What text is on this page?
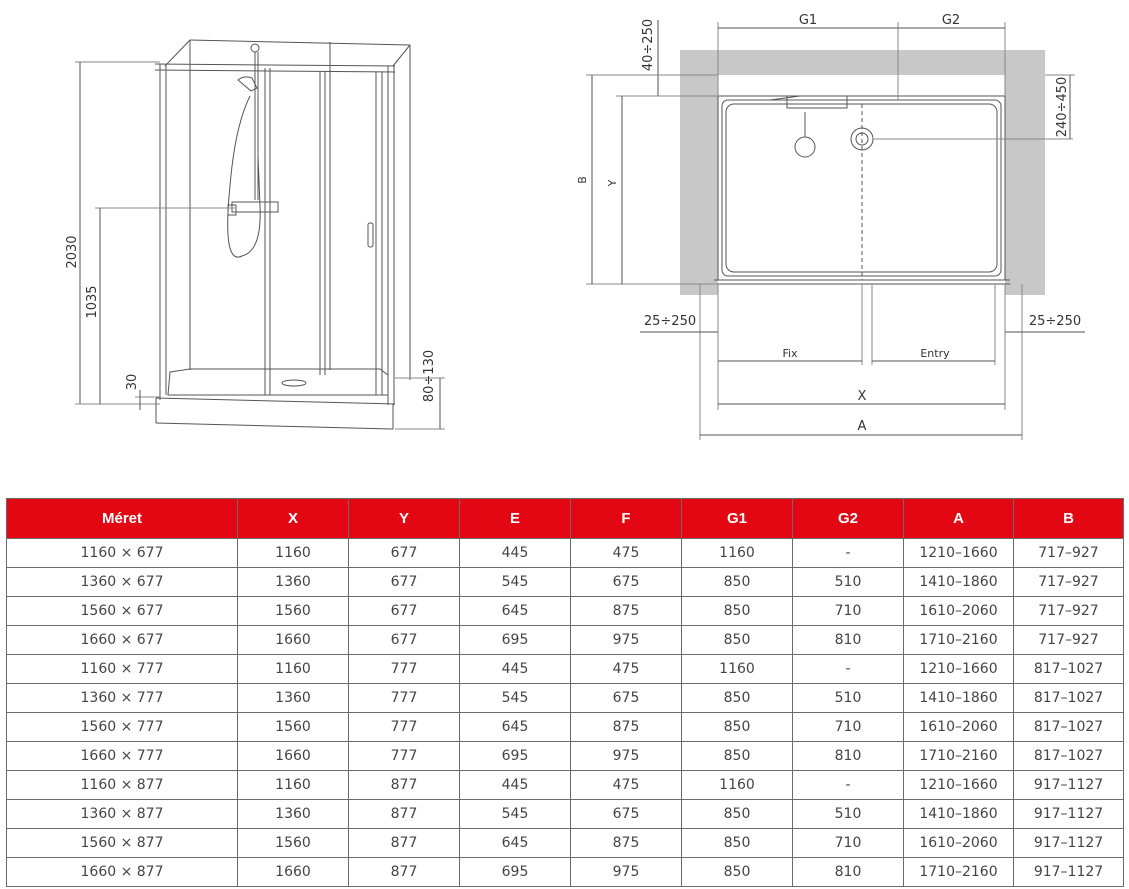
2030
1035
30	80÷130
G1	G2
40÷250
240÷450
B Y
25÷250	25÷250
Fix	Entry
X
A
Méret	X	Y	E	F	G1	G2	A	B
1160 × 677	1160	677	445	475	1160	-	1210–1660	717–927
1360 × 677	1360	677	545	675	850	510	1410–1860	717–927
1560 × 677	1560	677	645	875	850	710	1610–2060	717–927
1660 × 677	1660	677	695	975	850	810	1710–2160	717–927
1160 × 777	1160	777	445	475	1160	-	1210–1660	817–1027
1360 × 777	1360	777	545	675	850	510	1410–1860	817–1027
1560 × 777	1560	777	645	875	850	710	1610–2060	817–1027
1660 × 777	1660	777	695	975	850	810	1710–2160	817–1027
1160 × 877	1160	877	445	475	1160	-	1210–1660	917–1127
1360 × 877	1360	877	545	675	850	510	1410–1860	917–1127
1560 × 877	1560	877	645	875	850	710	1610–2060	917–1127
1660 × 877	1660	877	695	975	850	810	1710–2160	917–1127
